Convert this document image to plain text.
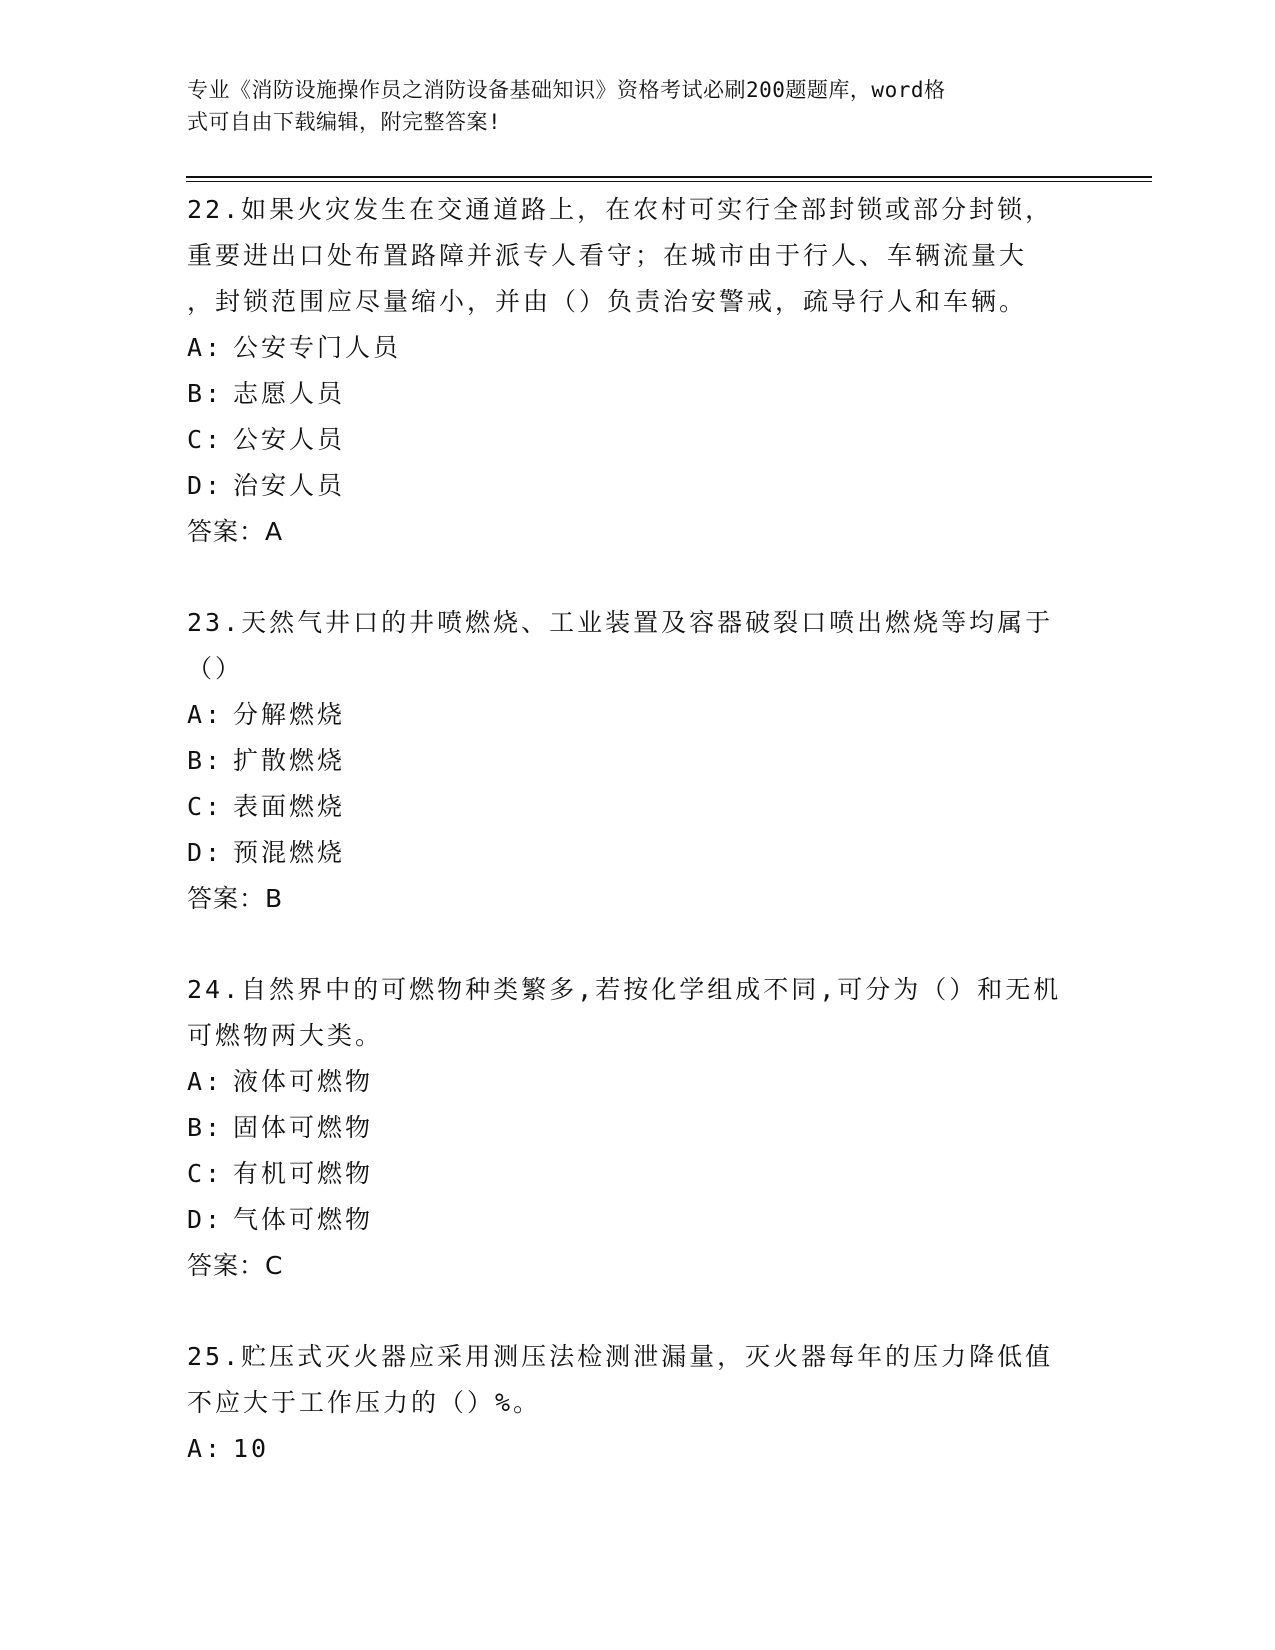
专业《消防设施操作员之消防设备基础知识》资格考试必刷200题题库，word格
式可自由下载编辑，附完整答案!
22.如果火灾发生在交通道路上，在农村可实行全部封锁或部分封锁，
重要进出口处布置路障并派专人看守；在城市由于行人、车辆流量大
，封锁范围应尽量缩小，并由（）负责治安警戒，疏导行人和车辆。
A: 公安专门人员
B: 志愿人员
C: 公安人员
D: 治安人员
答案：A
23.天然气井口的井喷燃烧、工业装置及容器破裂口喷出燃烧等均属于
（）
A: 分解燃烧
B: 扩散燃烧
C: 表面燃烧
D: 预混燃烧
答案：B
24.自然界中的可燃物种类繁多,若按化学组成不同,可分为（）和无机
可燃物两大类。
A: 液体可燃物
B: 固体可燃物
C: 有机可燃物
D: 气体可燃物
答案：C
25.贮压式灭火器应采用测压法检测泄漏量，灭火器每年的压力降低值
不应大于工作压力的（）%。
A: 10
